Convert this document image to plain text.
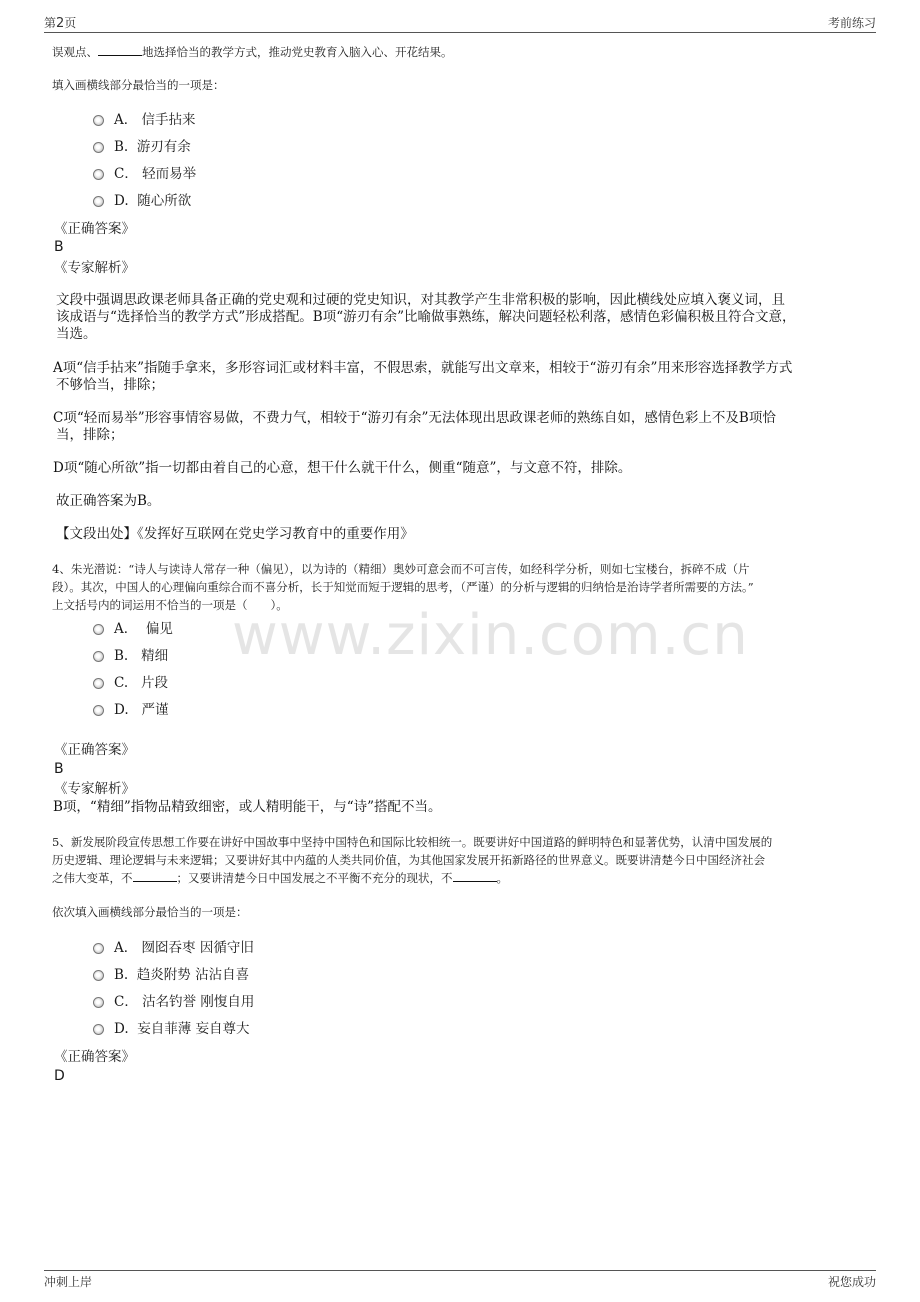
第2页	考前练习
www.zixin.com.cn
误观点、	地选择恰当的教学方式，推动党史教育入脑入心、开花结果。
填入画横线部分最恰当的一项是：
A． 信手拈来
B. 游刃有余
C． 轻而易举
D. 随心所欲
《正确答案》
B
《专家解析》
文段中强调思政课老师具备正确的党史观和过硬的党史知识，对其教学产生非常积极的影响，因此横线处应填入褒义词，且
该成语与“选择恰当的教学方式”形成搭配。B项“游刃有余”比喻做事熟练，解决问题轻松利落，感情色彩偏积极且符合文意，
当选。
A项“信手拈来”指随手拿来，多形容词汇或材料丰富，不假思索，就能写出文章来，相较于“游刃有余”用来形容选择教学方式
不够恰当，排除；
C项“轻而易举”形容事情容易做，不费力气，相较于“游刃有余”无法体现出思政课老师的熟练自如，感情色彩上不及B项恰
当，排除；
D项“随心所欲”指一切都由着自己的心意，想干什么就干什么，侧重“随意”，与文意不符，排除。
故正确答案为B。
【文段出处】《发挥好互联网在党史学习教育中的重要作用》
4、朱光潜说：“诗人与读诗人常存一种（偏见），以为诗的（精细）奥妙可意会而不可言传，如经科学分析，则如七宝楼台，拆碎不成（片
段）。其次，中国人的心理偏向重综合而不喜分析，长于知觉而短于逻辑的思考，（严谨）的分析与逻辑的归纳恰是治诗学者所需要的方法。”
上文括号内的词运用不恰当的一项是（　　）。
A． 偏见
B. 精细
C. 片段
D. 严谨
《正确答案》
B
《专家解析》
B项，“精细”指物品精致细密，或人精明能干，与“诗”搭配不当。
5、新发展阶段宣传思想工作要在讲好中国故事中坚持中国特色和国际比较相统一。既要讲好中国道路的鲜明特色和显著优势，认清中国发展的
历史逻辑、理论逻辑与未来逻辑；又要讲好其中内蕴的人类共同价值，为其他国家发展开拓新路径的世界意义。既要讲清楚今日中国经济社会
之伟大变革，不	；又要讲清楚今日中国发展之不平衡不充分的现状，不	。
依次填入画横线部分最恰当的一项是：
A． 囫囵吞枣 因循守旧
B. 趋炎附势 沾沾自喜
C． 沽名钓誉 刚愎自用
D. 妄自菲薄 妄自尊大
《正确答案》
D
冲刺上岸	祝您成功
